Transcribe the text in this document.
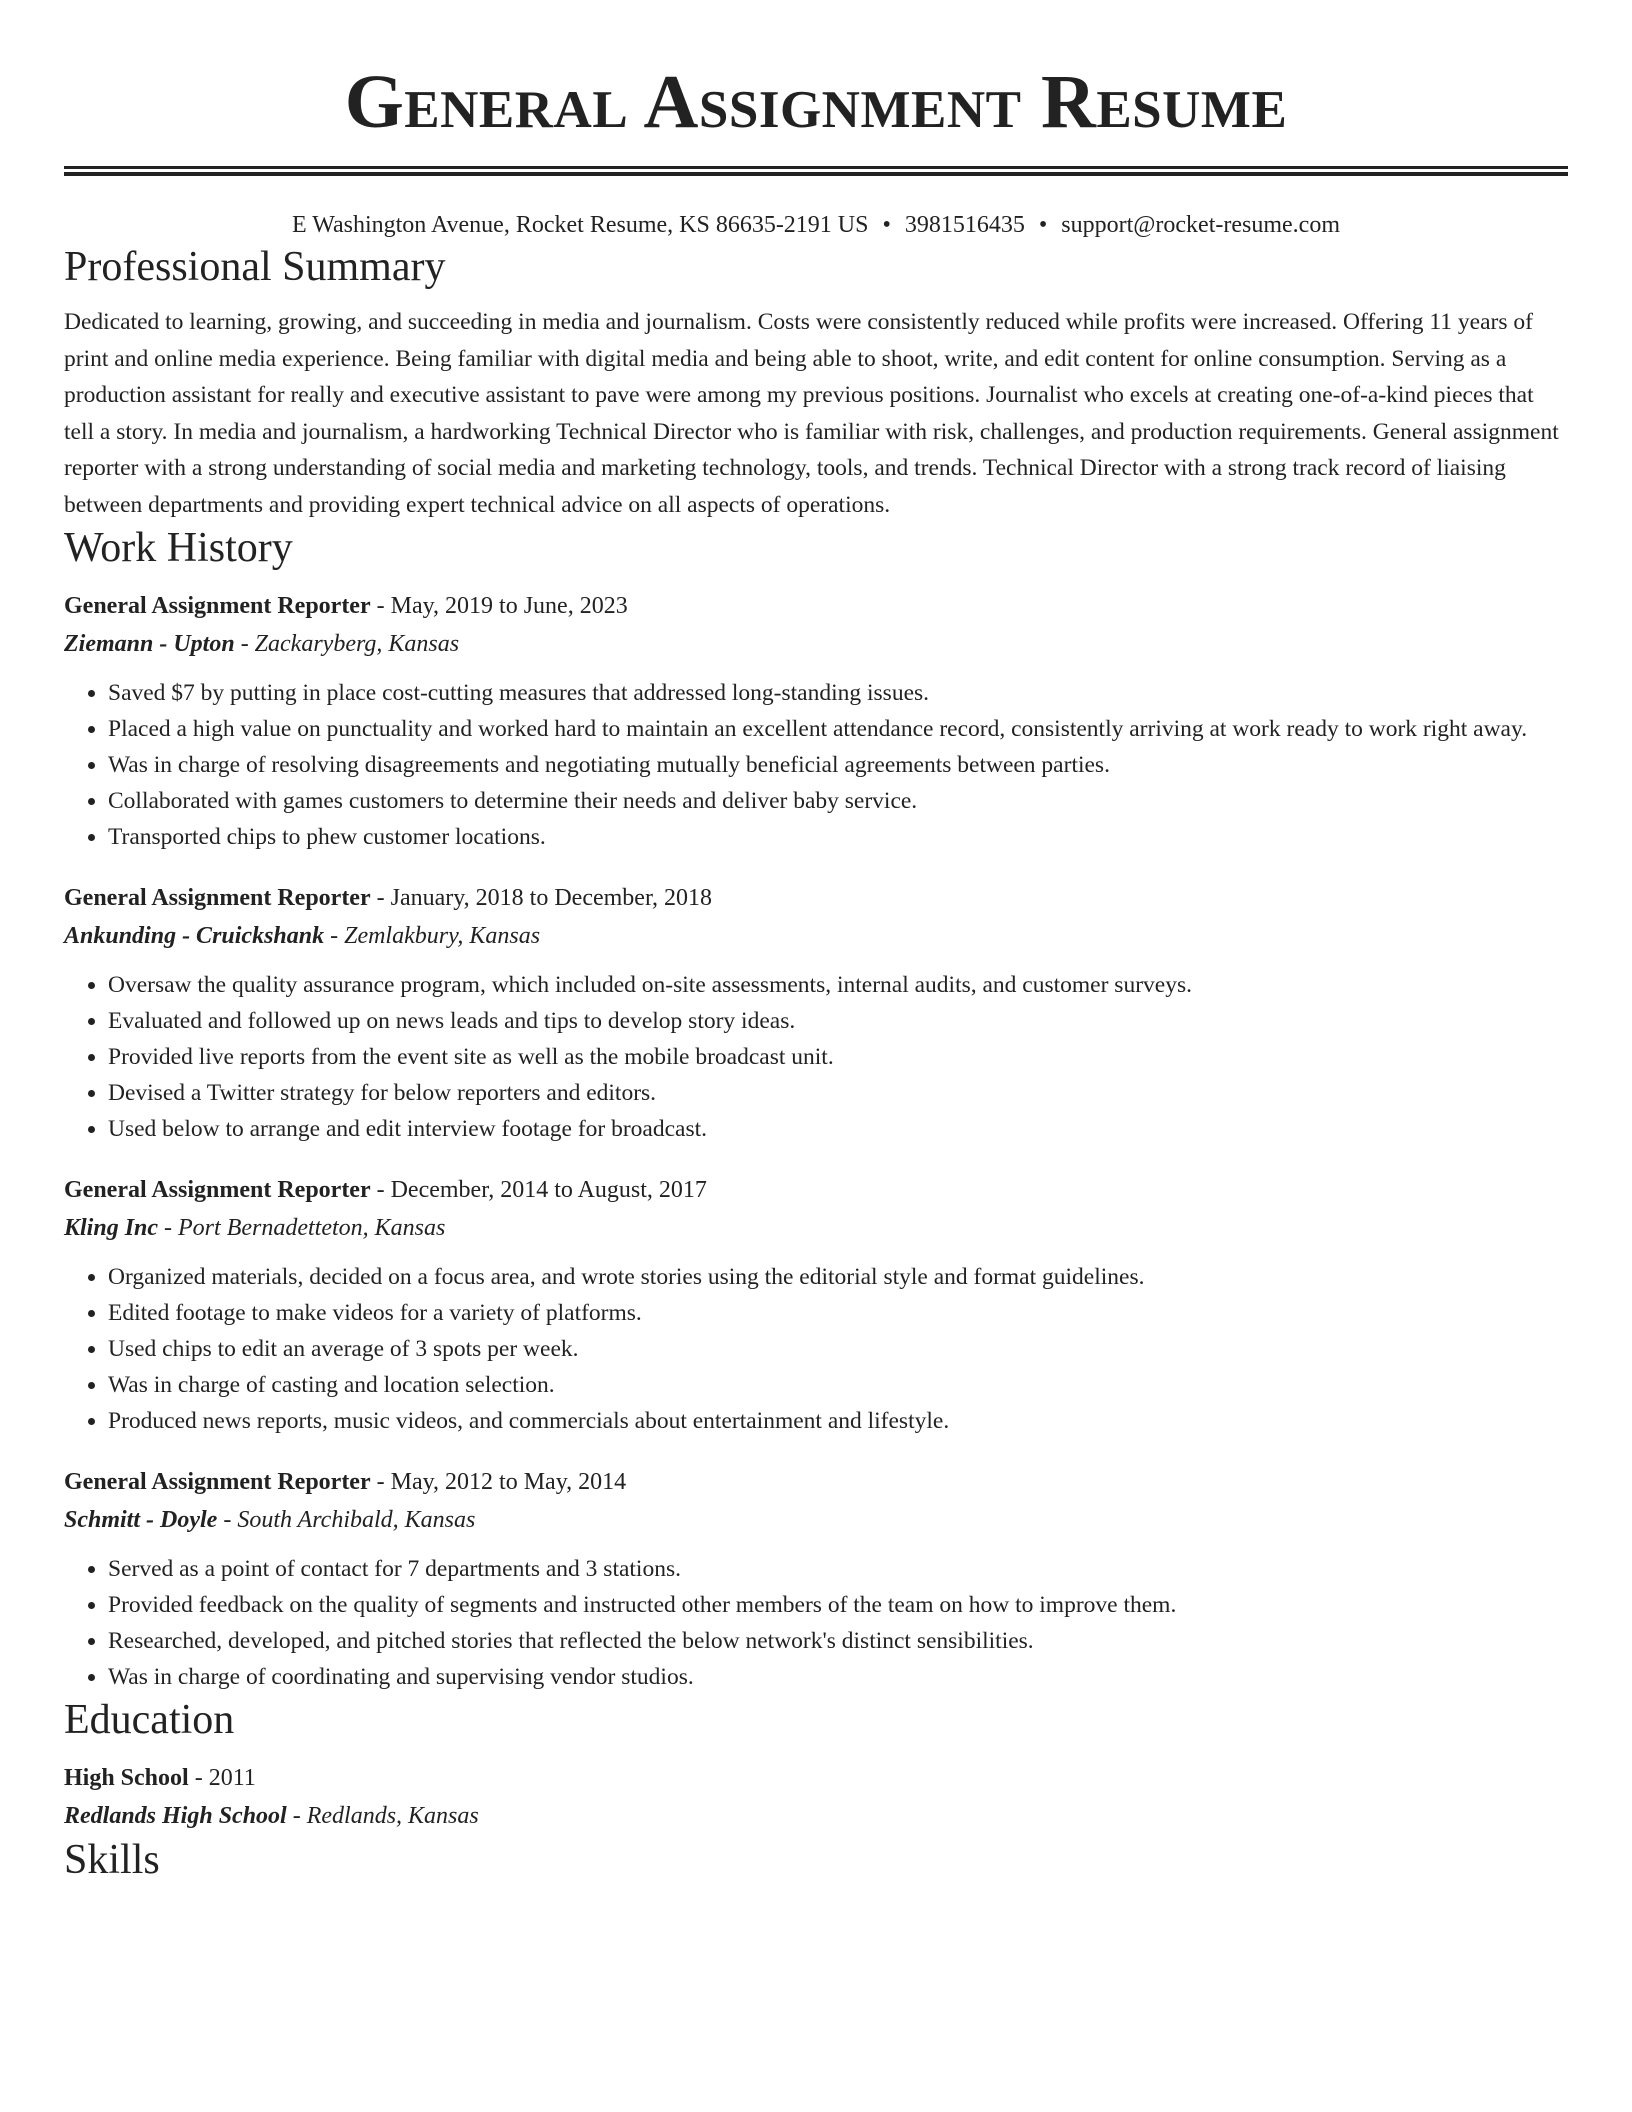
General Assignment Resume
E Washington Avenue, Rocket Resume, KS 86635-2191 US • 3981516435 • support@rocket-resume.com
Professional Summary
Dedicated to learning, growing, and succeeding in media and journalism. Costs were consistently reduced while profits were increased. Offering 11 years of print and online media experience. Being familiar with digital media and being able to shoot, write, and edit content for online consumption. Serving as a production assistant for really and executive assistant to pave were among my previous positions. Journalist who excels at creating one-of-a-kind pieces that tell a story. In media and journalism, a hardworking Technical Director who is familiar with risk, challenges, and production requirements. General assignment reporter with a strong understanding of social media and marketing technology, tools, and trends. Technical Director with a strong track record of liaising between departments and providing expert technical advice on all aspects of operations.
Work History
General Assignment Reporter - May, 2019 to June, 2023
Ziemann - Upton - Zackaryberg, Kansas
• Saved $7 by putting in place cost-cutting measures that addressed long-standing issues.
• Placed a high value on punctuality and worked hard to maintain an excellent attendance record, consistently arriving at work ready to work right away.
• Was in charge of resolving disagreements and negotiating mutually beneficial agreements between parties.
• Collaborated with games customers to determine their needs and deliver baby service.
• Transported chips to phew customer locations.
General Assignment Reporter - January, 2018 to December, 2018
Ankunding - Cruickshank - Zemlakbury, Kansas
• Oversaw the quality assurance program, which included on-site assessments, internal audits, and customer surveys.
• Evaluated and followed up on news leads and tips to develop story ideas.
• Provided live reports from the event site as well as the mobile broadcast unit.
• Devised a Twitter strategy for below reporters and editors.
• Used below to arrange and edit interview footage for broadcast.
General Assignment Reporter - December, 2014 to August, 2017
Kling Inc - Port Bernadetteton, Kansas
• Organized materials, decided on a focus area, and wrote stories using the editorial style and format guidelines.
• Edited footage to make videos for a variety of platforms.
• Used chips to edit an average of 3 spots per week.
• Was in charge of casting and location selection.
• Produced news reports, music videos, and commercials about entertainment and lifestyle.
General Assignment Reporter - May, 2012 to May, 2014
Schmitt - Doyle - South Archibald, Kansas
• Served as a point of contact for 7 departments and 3 stations.
• Provided feedback on the quality of segments and instructed other members of the team on how to improve them.
• Researched, developed, and pitched stories that reflected the below network's distinct sensibilities.
• Was in charge of coordinating and supervising vendor studios.
Education
High School - 2011
Redlands High School - Redlands, Kansas
Skills
